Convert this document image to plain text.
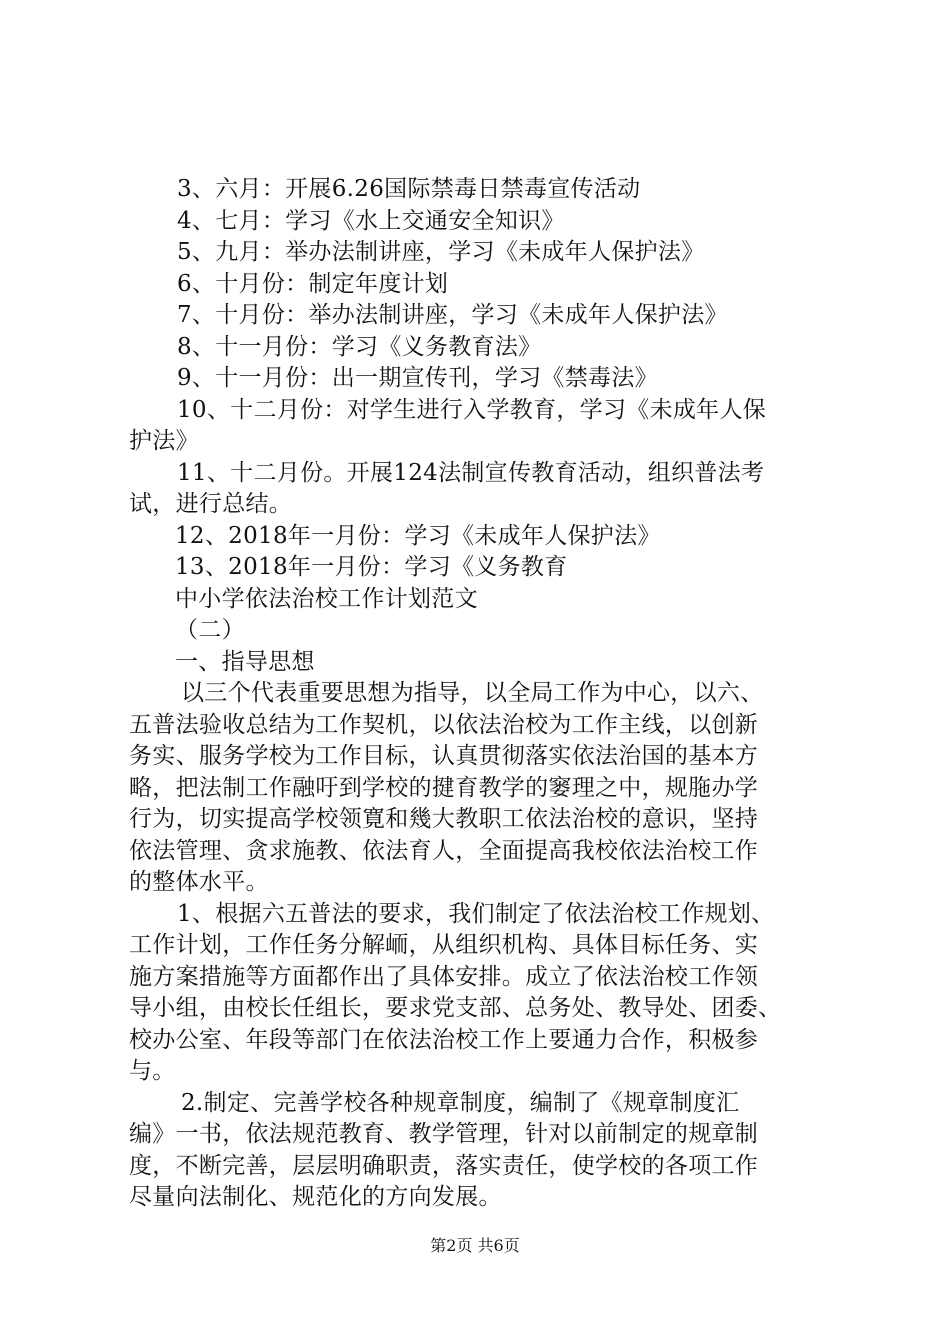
3、六月：开展6.26国际禁毒日禁毒宣传活动
4、七月：学习《水上交通安全知识》
5、九月：举办法制讲座，学习《未成年人保护法》
6、十月份：制定年度计划
7、十月份：举办法制讲座，学习《未成年人保护法》
8、十一月份：学习《义务教育法》
9、十一月份：出一期宣传刊，学习《禁毒法》
10、十二月份：对学生进行入学教育，学习《未成年人保
护法》
11、十二月份。开展124法制宣传教育活动，组织普法考
试，进行总结。
12、2018年一月份：学习《未成年人保护法》
13、2018年一月份：学习《义务教育
中小学依法治校工作计划范文
（二）
一、指导思想
以三个代表重要思想为指导，以全局工作为中心，以六、
五普法验收总结为工作契机，以依法治校为工作主线，以创新
务实、服务学校为工作目标，认真贯彻落实依法治国的基本方
略，把法制工作融吁到学校的揵育教学的窭理之中，规胣办学
行为，切实提高学校领寛和幾大教职工依法治校的意识，坚持
依法管理、贪求施教、依法育人，全面提高我校依法治校工作
的整体水平。
1、根据六五普法的要求，我们制定了依法治校工作规划、
工作计划，工作任务分解峏，从组织机构、具体目标任务、实
施方案措施等方面都作出了具体安排。成立了依法治校工作领
导小组，由校长任组长，要求党支部、总务处、教导处、团委、
校办公室、年段等部门在依法治校工作上要通力合作，积极参
与。
2.制定、完善学校各种规章制度，编制了《规章制度汇
编》一书，依法规范教育、教学管理，针对以前制定的规章制
度，不断完善，层层明确职责，落实责任，使学校的各项工作
尽量向法制化、规范化的方向发展。
第2页 共6页
